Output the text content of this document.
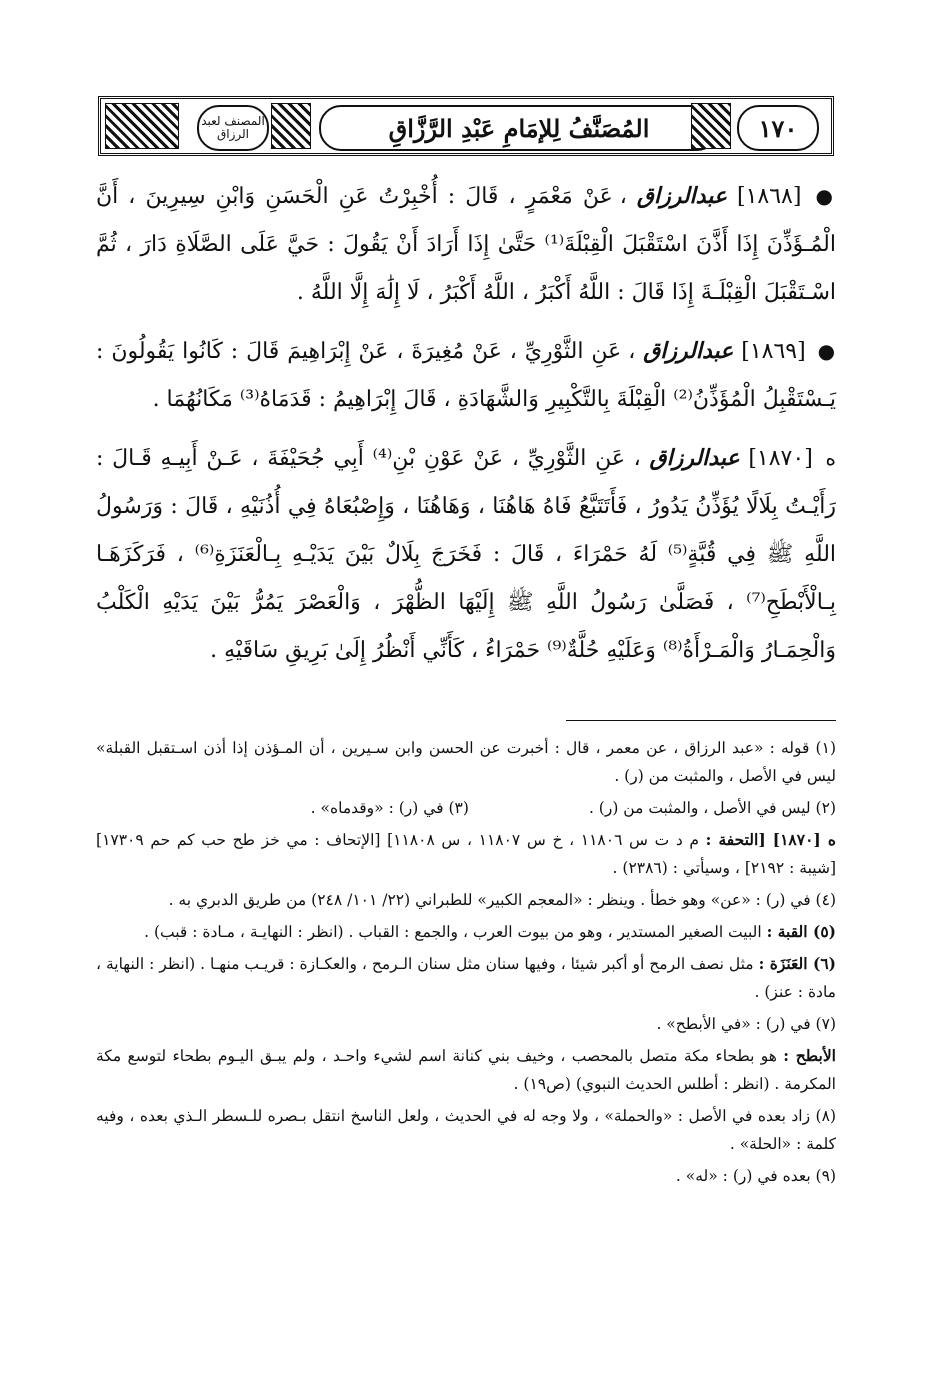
المصنف لعبد الرزاق	المُصَنَّفُ لِلإمَامِ عَبْدِ الرَّزَّاقِ	١٧٠

● [١٨٦٨] عبدالرزاق ، عَنْ مَعْمَرٍ ، قَالَ : أُخْبِرْتُ عَنِ الْحَسَنِ وَابْنِ سِيرِينَ ، أَنَّ الْمُـؤَذِّنَ إِذَا أَذَّنَ اسْتَقْبَلَ الْقِبْلَةَ⁽¹⁾ حَتَّىٰ إِذَا أَرَادَ أَنْ يَقُولَ : حَيَّ عَلَى الصَّلَاةِ دَارَ ، ثُمَّ اسْـتَقْبَلَ الْقِبْلَـةَ إِذَا قَالَ : اللَّهُ أَكْبَرُ ، اللَّهُ أَكْبَرُ ، لَا إِلَٰهَ إِلَّا اللَّهُ .

● [١٨٦٩] عبدالرزاق ، عَنِ الثَّوْرِيِّ ، عَنْ مُغِيرَةَ ، عَنْ إِبْرَاهِيمَ قَالَ : كَانُوا يَقُولُونَ : يَـسْتَقْبِلُ الْمُؤَذِّنُ⁽²⁾ الْقِبْلَةَ بِالتَّكْبِيرِ وَالشَّهَادَةِ ، قَالَ إِبْرَاهِيمُ : قَدَمَاهُ⁽³⁾ مَكَانُهُمَا .

ه [١٨٧٠] عبدالرزاق ، عَنِ الثَّوْرِيِّ ، عَنْ عَوْنِ بْنِ⁽⁴⁾ أَبِي جُحَيْفَةَ ، عَـنْ أَبِيـهِ قَـالَ : رَأَيْـتُ بِلَالًا يُؤَذِّنُ يَدُورُ ، فَأَتَتَبَّعُ فَاهُ هَاهُنَا ، وَهَاهُنَا ، وَإِصْبُعَاهُ فِي أُذُنَيْهِ ، قَالَ : وَرَسُولُ اللَّهِ ﷺ فِي قُبَّةٍ⁽⁵⁾ لَهُ حَمْرَاءَ ، قَالَ : فَخَرَجَ بِلَالٌ بَيْنَ يَدَيْـهِ بِـالْعَنَزَةِ⁽⁶⁾ ، فَرَكَزَهَـا بِـالْأَبْطَحِ⁽⁷⁾ ، فَصَلَّىٰ رَسُولُ اللَّهِ ﷺ إِلَيْهَا الظُّهْرَ ، وَالْعَصْرَ يَمُرُّ بَيْنَ يَدَيْهِ الْكَلْبُ وَالْحِمَـارُ وَالْمَـرْأَةُ⁽⁸⁾ وَعَلَيْهِ حُلَّةٌ⁽⁹⁾ حَمْرَاءُ ، كَأَنِّي أَنْظُرُ إِلَىٰ بَرِيقِ سَاقَيْهِ .

(١) قوله : «عبد الرزاق ، عن معمر ، قال : أخبرت عن الحسن وابن سـيرين ، أن المـؤذن إذا أذن اسـتقبل القبلة» ليس في الأصل ، والمثبت من (ر) .

(٢) ليس في الأصل ، والمثبت من (ر) .
(٣) في (ر) : «وقدماه» .

ه [١٨٧٠] [التحفة : م د ت س ١١٨٠٦ ، خ س ١١٨٠٧ ، س ١١٨٠٨] [الإتحاف : مي خز طح حب كم حم ١٧٣٠٩] [شيبة : ٢١٩٢] ، وسيأتي : (٢٣٨٦) .

(٤) في (ر) : «عن» وهو خطأ . وينظر : «المعجم الكبير» للطبراني (٢٢/ ١٠١/ ٢٤٨) من طريق الدبري به .

(٥) القبة : البيت الصغير المستدير ، وهو من بيوت العرب ، والجمع : القباب . (انظر : النهايـة ، مـادة : قبب) .

(٦) العَنَزَة : مثل نصف الرمح أو أكبر شيئا ، وفيها سنان مثل سنان الـرمح ، والعكـازة : قريـب منهـا . (انظر : النهاية ، مادة : عنز) .

(٧) في (ر) : «في الأبطح» .

الأبطح : هو بطحاء مكة متصل بالمحصب ، وخيف بني كنانة اسم لشيء واحـد ، ولم يبـق اليـوم بطحاء لتوسع مكة المكرمة . (انظر : أطلس الحديث النبوي) (ص١٩) .

(٨) زاد بعده في الأصل : «والحملة» ، ولا وجه له في الحديث ، ولعل الناسخ انتقل بـصره للـسطر الـذي بعده ، وفيه كلمة : «الحلة» .

(٩) بعده في (ر) : «له» .
